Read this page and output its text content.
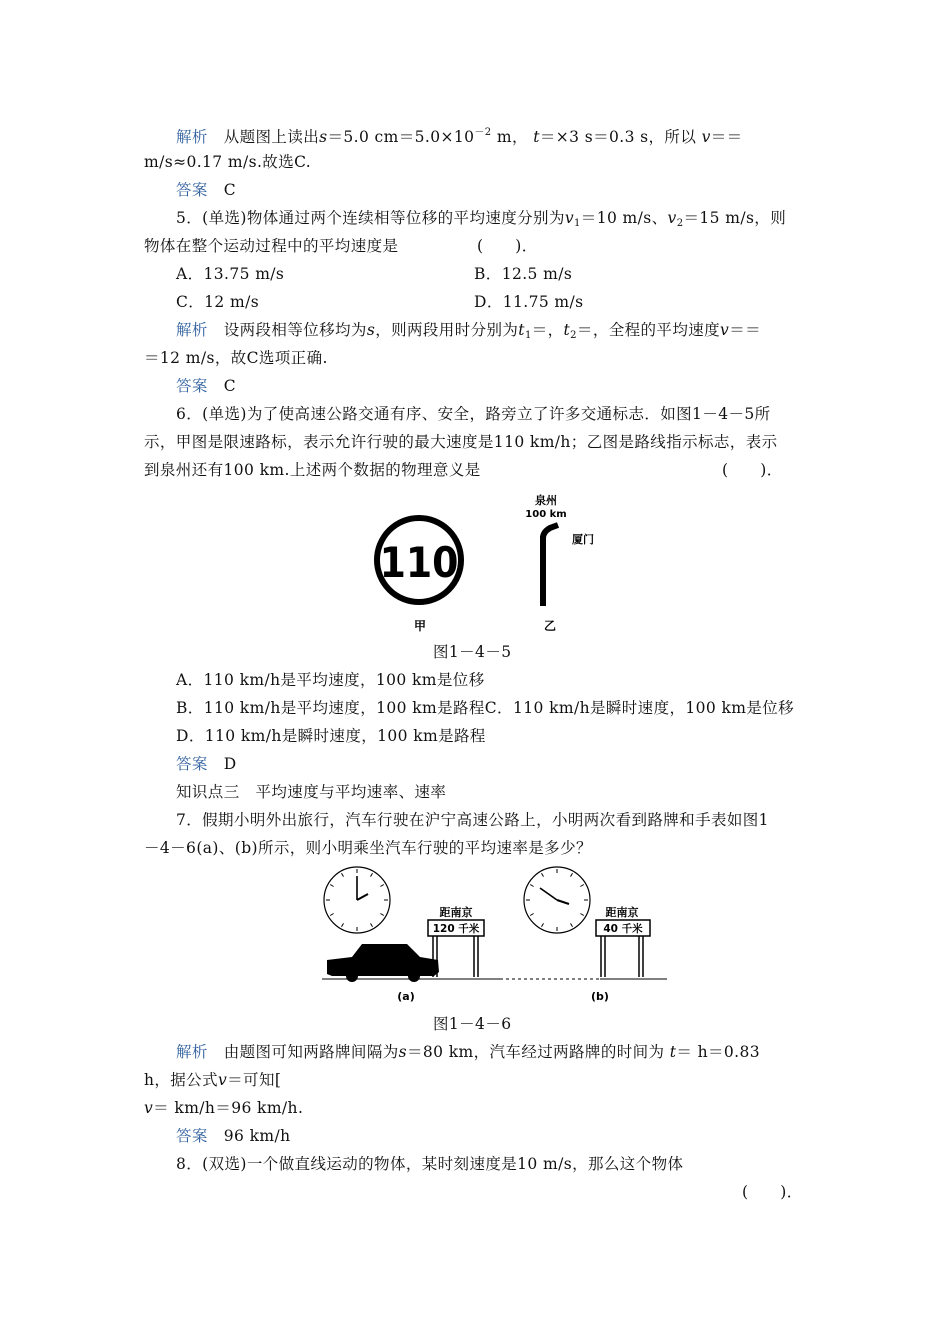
解析　 从题图上读出s＝5.0 $cm=5.0\times 10^{-2}$ m， t＝×3 s＝0.3 s，所以 v＝＝
m/s≈0.17 m/s.故选C.
答案　 C
5．(单选)物体通过两个连续相等位移的平均速度分别为$v_1=10$ m/s、$v_2=15$ m/s，则
物体在整个运动过程中的平均速度是	(　　)．
A．13.75 m/s	B．12.5 m/s
C．12 m/s	D．11.75 m/s
解析　 设两段相等位移均为s，则两段用时分别为$t_1=$，$t_2=$，全程的平均速度v＝＝
＝12 m/s，故C选项正确.
答案　 C
6．(单选)为了使高速公路交通有序、安全，路旁立了许多交通标志．如图1－4－5所
示，甲图是限速路标，表示允许行驶的最大速度是110 km/h；乙图是路线指示标志，表示
到泉州还有100 km.上述两个数据的物理意义是	(　　)．
110
甲
泉州
100 km
厦门
乙
图1－4－5
A．110 km/h是平均速度，100 km是位移
B．110 km/h是平均速度，100 km是路程C．110 km/h是瞬时速度，100 km是位移
D．110 km/h是瞬时速度，100 km是路程
答案　 D
知识点三　平均速度与平均速率、速率
7．假期小明外出旅行，汽车行驶在沪宁高速公路上，小明两次看到路牌和手表如图1
－4－6(a)、(b)所示，则小明乘坐汽车行驶的平均速率是多少？
距南京
120 千米
距南京
40 千米
(a)	(b)
图1－4－6
解析　 由题图可知两路牌间隔为s＝80 km，汽车经过两路牌的时间为 t＝ h＝0.83
h，据公式v＝可知[
v＝ km/h＝96 km/h.
答案　 96 km/h
8．(双选)一个做直线运动的物体，某时刻速度是10 m/s，那么这个物体
(　　)．
